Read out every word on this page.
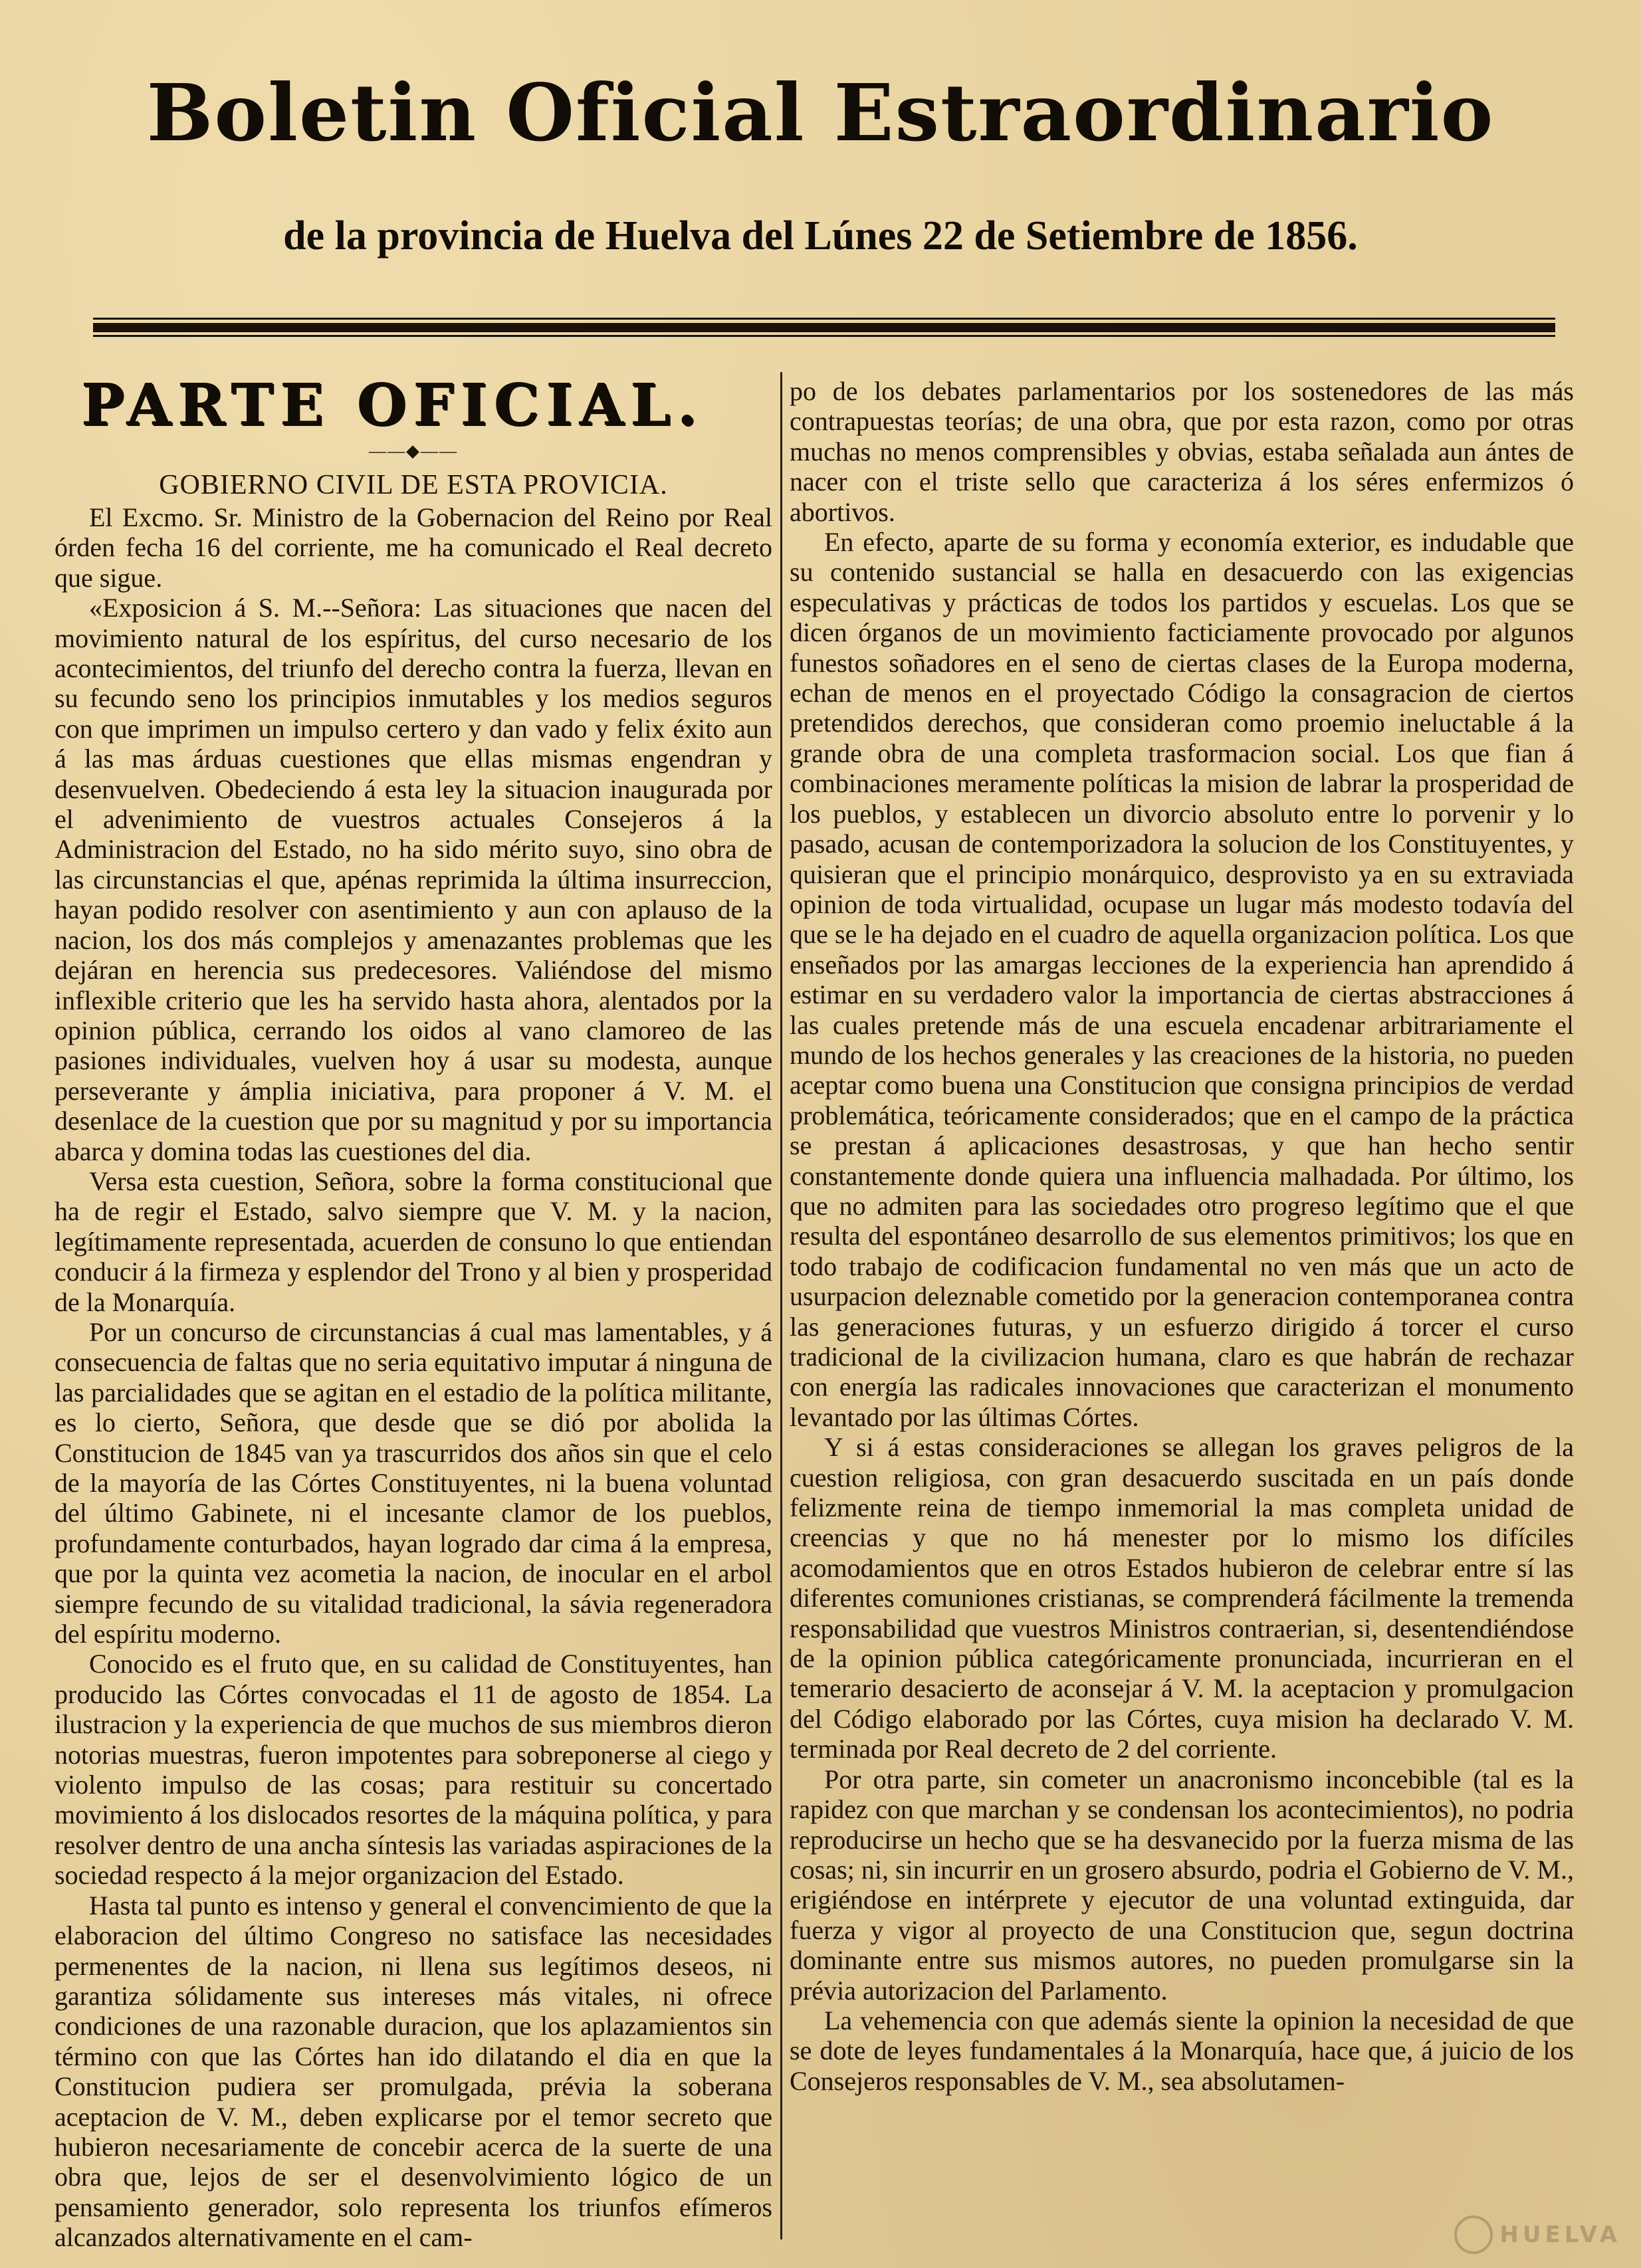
Boletin Oficial Estraordinario
de la provincia de Huelva del Lúnes 22 de Setiembre de 1856.
PARTE OFICIAL.
——◆——
GOBIERNO CIVIL DE ESTA PROVICIA.

El Excmo. Sr. Ministro de la Gobernacion del Reino por Real órden fecha 16 del corriente, me ha comunicado el Real decreto que sigue.

«Exposicion á S. M.--Señora: Las situaciones que nacen del movimiento natural de los espíritus, del curso necesario de los acontecimientos, del triunfo del derecho contra la fuerza, llevan en su fecundo seno los principios inmutables y los medios seguros con que imprimen un impulso certero y dan vado y felix éxito aun á las mas árduas cuestiones que ellas mismas engendran y desenvuelven. Obedeciendo á esta ley la situacion inaugurada por el advenimiento de vuestros actuales Consejeros á la Administracion del Estado, no ha sido mérito suyo, sino obra de las circunstancias el que, apénas reprimida la última insurreccion, hayan podido resolver con asentimiento y aun con aplauso de la nacion, los dos más complejos y amenazantes problemas que les dejáran en herencia sus predecesores. Valiéndose del mismo inflexible criterio que les ha servido hasta ahora, alentados por la opinion pública, cerrando los oidos al vano clamoreo de las pasiones individuales, vuelven hoy á usar su modesta, aunque perseverante y ámplia iniciativa, para proponer á V. M. el desenlace de la cuestion que por su magnitud y por su importancia abarca y domina todas las cuestiones del dia.

Versa esta cuestion, Señora, sobre la forma constitucional que ha de regir el Estado, salvo siempre que V. M. y la nacion, legítimamente representada, acuerden de consuno lo que entiendan conducir á la firmeza y esplendor del Trono y al bien y prosperidad de la Monarquía.

Por un concurso de circunstancias á cual mas lamentables, y á consecuencia de faltas que no seria equitativo imputar á ninguna de las parcialidades que se agitan en el estadio de la política militante, es lo cierto, Señora, que desde que se dió por abolida la Constitucion de 1845 van ya trascurridos dos años sin que el celo de la mayoría de las Córtes Constituyentes, ni la buena voluntad del último Gabinete, ni el incesante clamor de los pueblos, profundamente conturbados, hayan logrado dar cima á la empresa, que por la quinta vez acometia la nacion, de inocular en el arbol siempre fecundo de su vitalidad tradicional, la sávia regeneradora del espíritu moderno.

Conocido es el fruto que, en su calidad de Constituyentes, han producido las Córtes convocadas el 11 de agosto de 1854. La ilustracion y la experiencia de que muchos de sus miembros dieron notorias muestras, fueron impotentes para sobreponerse al ciego y violento impulso de las cosas; para restituir su concertado movimiento á los dislocados resortes de la máquina política, y para resolver dentro de una ancha síntesis las variadas aspiraciones de la sociedad respecto á la mejor organizacion del Estado.

Hasta tal punto es intenso y general el convencimiento de que la elaboracion del último Congreso no satisface las necesidades permenentes de la nacion, ni llena sus legítimos deseos, ni garantiza sólidamente sus intereses más vitales, ni ofrece condiciones de una razonable duracion, que los aplazamientos sin término con que las Córtes han ido dilatando el dia en que la Constitucion pudiera ser promulgada, prévia la soberana aceptacion de V. M., deben explicarse por el temor secreto que hubieron necesariamente de concebir acerca de la suerte de una obra que, lejos de ser el desenvolvimiento lógico de un pensamiento generador, solo representa los triunfos efímeros alcanzados alternativamente en el cam-

po de los debates parlamentarios por los sostenedores de las más contrapuestas teorías; de una obra, que por esta razon, como por otras muchas no menos comprensibles y obvias, estaba señalada aun ántes de nacer con el triste sello que caracteriza á los séres enfermizos ó abortivos.

En efecto, aparte de su forma y economía exterior, es indudable que su contenido sustancial se halla en desacuerdo con las exigencias especulativas y prácticas de todos los partidos y escuelas. Los que se dicen órganos de un movimiento facticiamente provocado por algunos funestos soñadores en el seno de ciertas clases de la Europa moderna, echan de menos en el proyectado Código la consagracion de ciertos pretendidos derechos, que consideran como proemio ineluctable á la grande obra de una completa trasformacion social. Los que fian á combinaciones meramente políticas la mision de labrar la prosperidad de los pueblos, y establecen un divorcio absoluto entre lo porvenir y lo pasado, acusan de contemporizadora la solucion de los Constituyentes, y quisieran que el principio monárquico, desprovisto ya en su extraviada opinion de toda virtualidad, ocupase un lugar más modesto todavía del que se le ha dejado en el cuadro de aquella organizacion política. Los que enseñados por las amargas lecciones de la experiencia han aprendido á estimar en su verdadero valor la importancia de ciertas abstracciones á las cuales pretende más de una escuela encadenar arbitrariamente el mundo de los hechos generales y las creaciones de la historia, no pueden aceptar como buena una Constitucion que consigna principios de verdad problemática, teóricamente considerados; que en el campo de la práctica se prestan á aplicaciones desastrosas, y que han hecho sentir constantemente donde quiera una influencia malhadada. Por último, los que no admiten para las sociedades otro progreso legítimo que el que resulta del espontáneo desarrollo de sus elementos primitivos; los que en todo trabajo de codificacion fundamental no ven más que un acto de usurpacion deleznable cometido por la generacion contemporanea contra las generaciones futuras, y un esfuerzo dirigido á torcer el curso tradicional de la civilizacion humana, claro es que habrán de rechazar con energía las radicales innovaciones que caracterizan el monumento levantado por las últimas Córtes.

Y si á estas consideraciones se allegan los graves peligros de la cuestion religiosa, con gran desacuerdo suscitada en un país donde felizmente reina de tiempo inmemorial la mas completa unidad de creencias y que no há menester por lo mismo los difíciles acomodamientos que en otros Estados hubieron de celebrar entre sí las diferentes comuniones cristianas, se comprenderá fácilmente la tremenda responsabilidad que vuestros Ministros contraerian, si, desentendiéndose de la opinion pública categóricamente pronunciada, incurrieran en el temerario desacierto de aconsejar á V. M. la aceptacion y promulgacion del Código elaborado por las Córtes, cuya mision ha declarado V. M. terminada por Real decreto de 2 del corriente.

Por otra parte, sin cometer un anacronismo inconcebible (tal es la rapidez con que marchan y se condensan los acontecimientos), no podria reproducirse un hecho que se ha desvanecido por la fuerza misma de las cosas; ni, sin incurrir en un grosero absurdo, podria el Gobierno de V. M., erigiéndose en intérprete y ejecutor de una voluntad extinguida, dar fuerza y vigor al proyecto de una Constitucion que, segun doctrina dominante entre sus mismos autores, no pueden promulgarse sin la prévia autorizacion del Parlamento.

La vehemencia con que además siente la opinion la necesidad de que se dote de leyes fundamentales á la Monarquía, hace que, á juicio de los Consejeros responsables de V. M., sea absolutamen-

HUELVA
